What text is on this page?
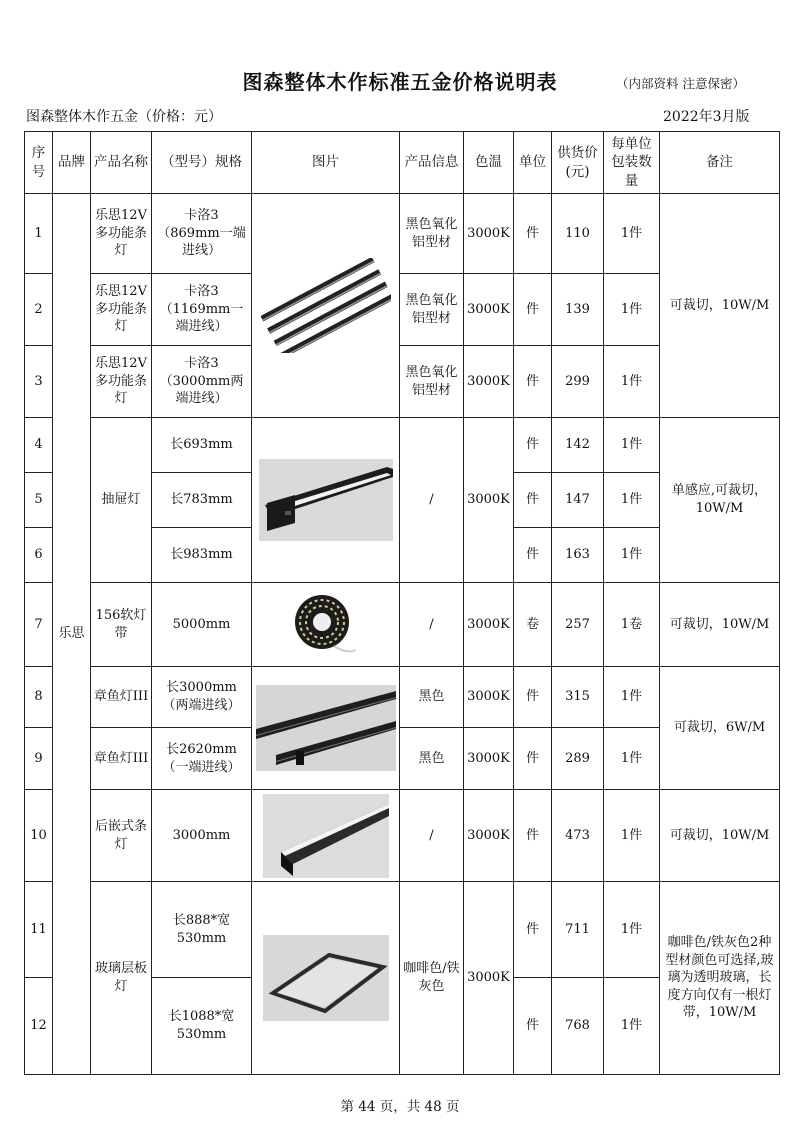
图森整体木作标准五金价格说明表	（内部资料 注意保密）
图森整体木作五金（价格：元）	2022年3月版
序号	品牌	产品名称	（型号）规格	图片	产品信息	色温	单位	供货价(元)	每单位包装数量	备注
1	乐思	乐思12V多功能条灯	卡洛3（869mm一端进线）		黑色氧化铝型材	3000K	件	110	1件	可裁切，10W/M
2		乐思12V多功能条灯	卡洛3（1169mm一端进线）		黑色氧化铝型材	3000K	件	139	1件	
3		乐思12V多功能条灯	卡洛3（3000mm两端进线）		黑色氧化铝型材	3000K	件	299	1件	
4		抽屉灯	长693mm		/	3000K	件	142	1件	单感应,可裁切，10W/M
5			长783mm				件	147	1件	
6			长983mm				件	163	1件	
7		156软灯带	5000mm		/	3000K	卷	257	1卷	可裁切，10W/M
8		章鱼灯III	长3000mm（两端进线）		黑色	3000K	件	315	1件	可裁切，6W/M
9		章鱼灯III	长2620mm（一端进线）		黑色	3000K	件	289	1件	
10		后嵌式条灯	3000mm		/	3000K	件	473	1件	可裁切，10W/M
11		玻璃层板灯	长888*宽530mm		咖啡色/铁灰色	3000K	件	711	1件	咖啡色/铁灰色2种型材颜色可选择,玻璃为透明玻璃，长度方向仅有一根灯带，10W/M
12			长1088*宽530mm				件	768	1件	
第 44 页，共 48 页
